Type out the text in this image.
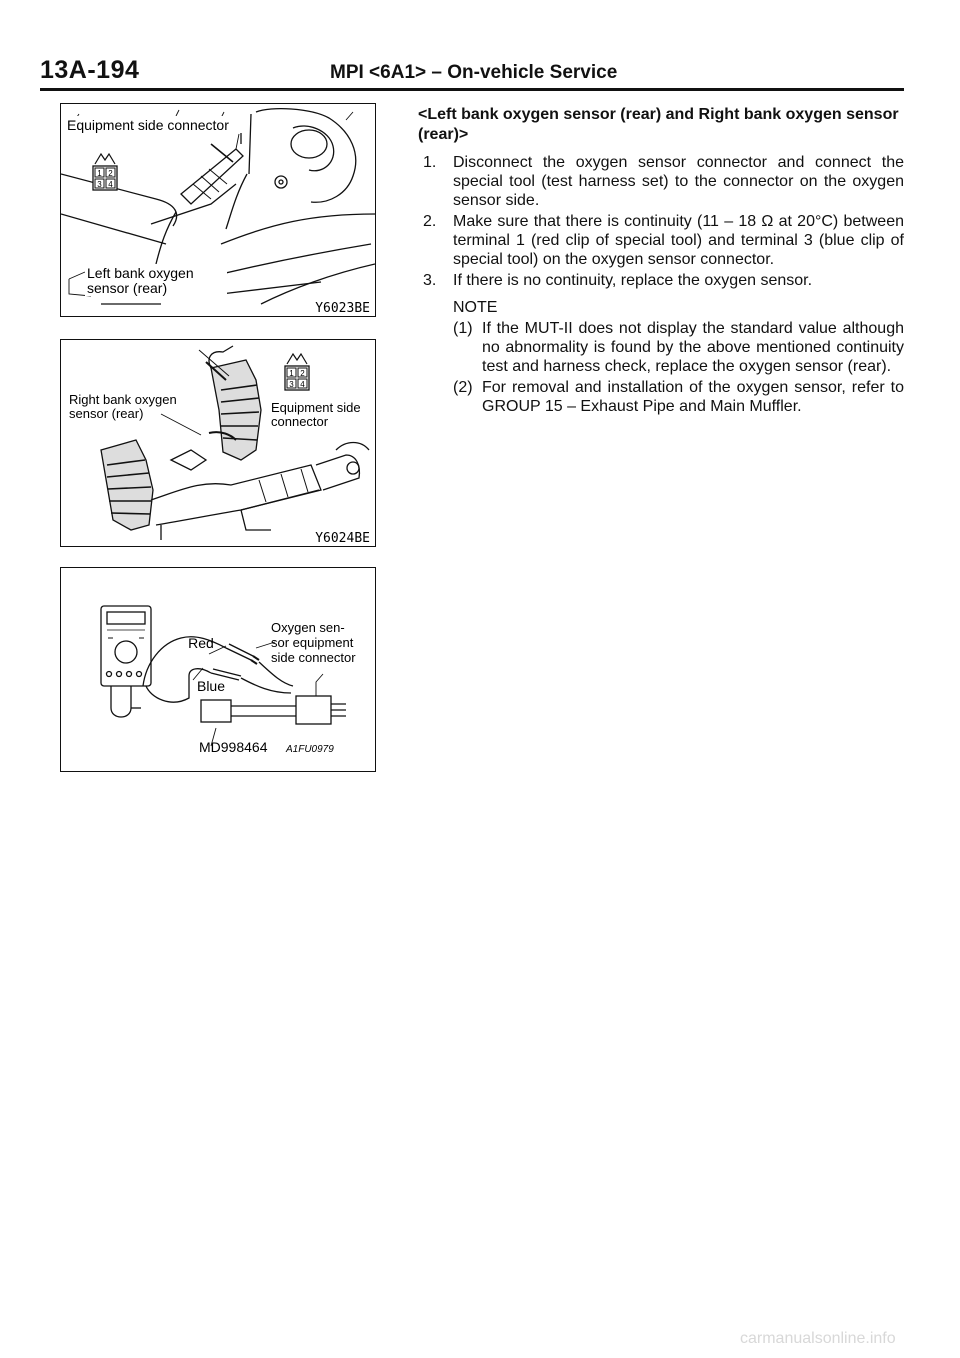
13A-194	MPI <6A1> – On-vehicle Service
1 2
3 4
Equipment side connector
Left bank oxygen
sensor (rear)
Y6023BE
1 2
3 4
Right bank oxygen
sensor (rear)	Equipment side
connector
Y6024BE
Red
Blue
Oxygen sen-
sor equipment
side connector
MD998464 A1FU0979
<Left bank oxygen sensor (rear) and Right bank oxygen sensor (rear)>
1. Disconnect the oxygen sensor connector and connect the special tool (test harness set) to the connector on the oxygen sensor side.
2. Make sure that there is continuity (11 – 18 Ω at 20°C) between terminal 1 (red clip of special tool) and terminal 3 (blue clip of special tool) on the oxygen sensor connector.
3. If there is no continuity, replace the oxygen sensor.
NOTE
(1) If the MUT-II does not display the standard value although no abnormality is found by the above mentioned continuity test and harness check, replace the oxygen sensor (rear).
(2) For removal and installation of the oxygen sensor, refer to GROUP 15 – Exhaust Pipe and Main Muffler.
carmanualsonline.info
